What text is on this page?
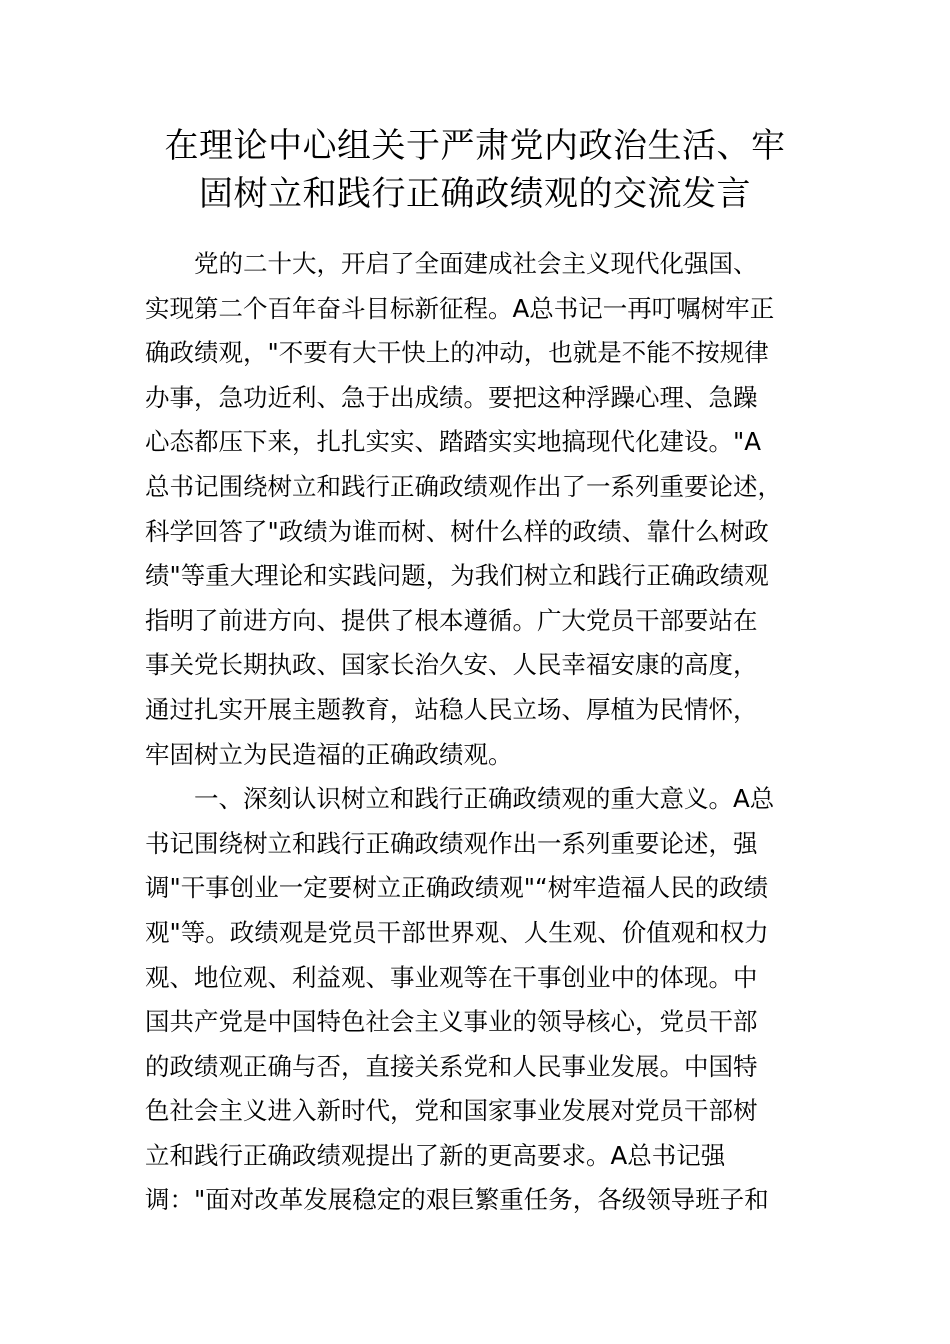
在理论中心组关于严肃党内政治生活、牢
固树立和践行正确政绩观的交流发言

党的二十大，开启了全面建成社会主义现代化强国、
实现第二个百年奋斗目标新征程。A总书记一再叮嘱树牢正
确政绩观，"不要有大干快上的冲动，也就是不能不按规律
办事，急功近利、急于出成绩。要把这种浮躁心理、急躁
心态都压下来，扎扎实实、踏踏实实地搞现代化建设。"A
总书记围绕树立和践行正确政绩观作出了一系列重要论述，
科学回答了"政绩为谁而树、树什么样的政绩、靠什么树政
绩"等重大理论和实践问题，为我们树立和践行正确政绩观
指明了前进方向、提供了根本遵循。广大党员干部要站在
事关党长期执政、国家长治久安、人民幸福安康的高度，
通过扎实开展主题教育，站稳人民立场、厚植为民情怀，
牢固树立为民造福的正确政绩观。

一、深刻认识树立和践行正确政绩观的重大意义。A总
书记围绕树立和践行正确政绩观作出一系列重要论述，强
调"干事创业一定要树立正确政绩观"“树牢造福人民的政绩
观"等。政绩观是党员干部世界观、人生观、价值观和权力
观、地位观、利益观、事业观等在干事创业中的体现。中
国共产党是中国特色社会主义事业的领导核心，党员干部
的政绩观正确与否，直接关系党和人民事业发展。中国特
色社会主义进入新时代，党和国家事业发展对党员干部树
立和践行正确政绩观提出了新的更高要求。A总书记强
调："面对改革发展稳定的艰巨繁重任务，各级领导班子和
